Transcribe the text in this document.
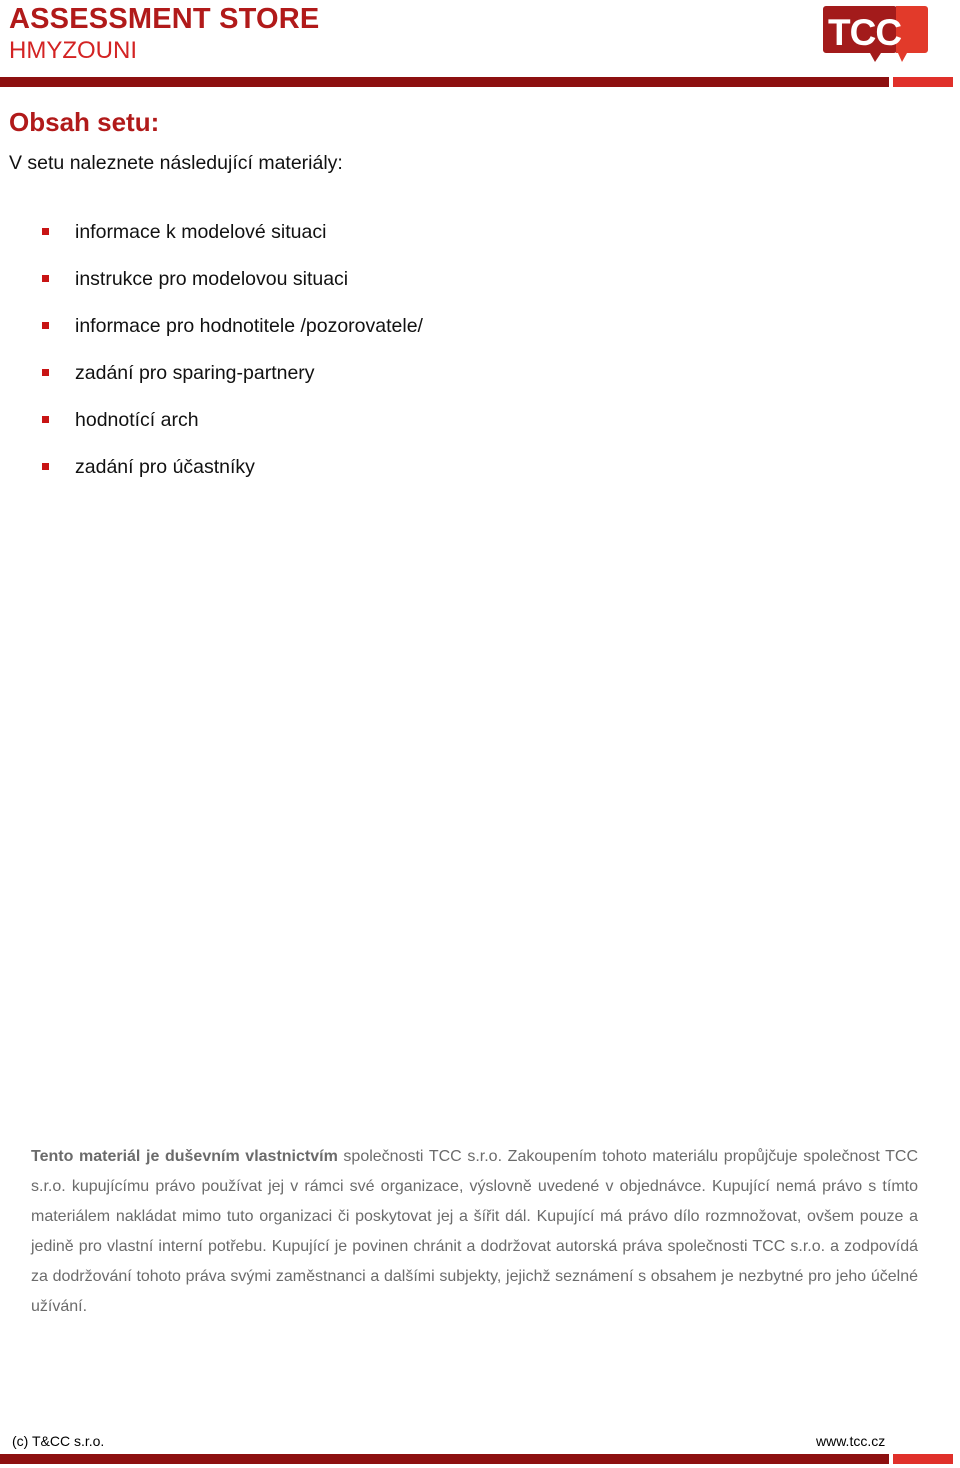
ASSESSMENT STORE
HMYZOUNI	TCC
Obsah setu:
V setu naleznete následující materiály:
informace k modelové situaci
instrukce pro modelovou situaci
informace pro hodnotitele /pozorovatele/
zadání pro sparing-partnery
hodnotící arch
zadání pro účastníky

Tento materiál je duševním vlastnictvím společnosti TCC s.r.o. Zakoupením tohoto materiálu propůjčuje společnost TCC s.r.o. kupujícímu právo používat jej v rámci své organizace, výslovně uvedené v objednávce. Kupující nemá právo s tímto materiálem nakládat mimo tuto organizaci či poskytovat jej a šířit dál. Kupující má právo dílo rozmnožovat, ovšem pouze a jedině pro vlastní interní potřebu. Kupující je povinen chránit a dodržovat autorská práva společnosti TCC s.r.o. a zodpovídá za dodržování tohoto práva svými zaměstnanci a dalšími subjekty, jejichž seznámení s obsahem je nezbytné pro jeho účelné užívání.

(c) T&CC s.r.o.	www.tcc.cz
